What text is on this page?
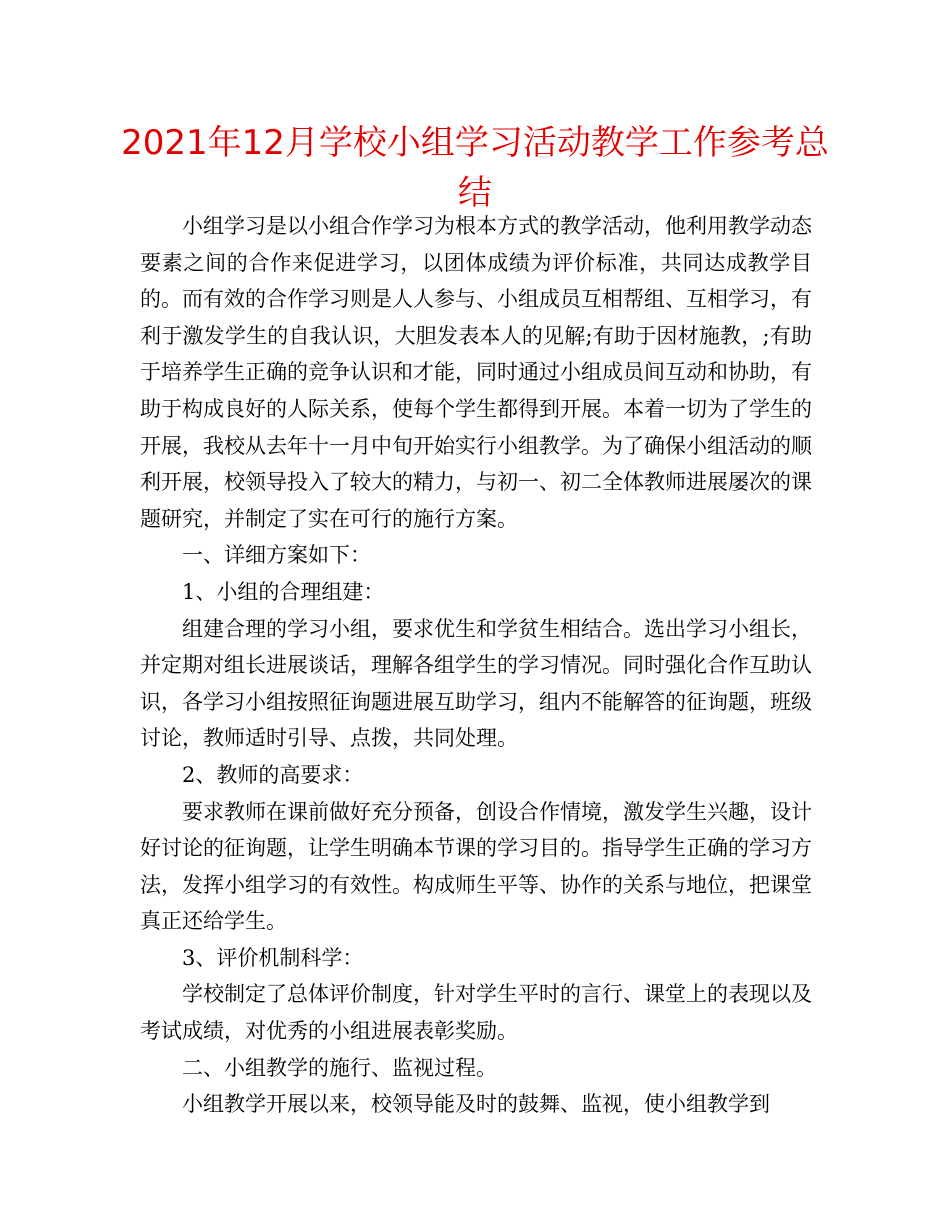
2021年12月学校小组学习活动教学工作参考总结

小组学习是以小组合作学习为根本方式的教学活动，他利用教学动态要素之间的合作来促进学习，以团体成绩为评价标准，共同达成教学目的。而有效的合作学习则是人人参与、小组成员互相帮组、互相学习，有利于激发学生的自我认识，大胆发表本人的见解;有助于因材施教，;有助于培养学生正确的竞争认识和才能，同时通过小组成员间互动和协助，有助于构成良好的人际关系，使每个学生都得到开展。本着一切为了学生的开展，我校从去年十一月中旬开始实行小组教学。为了确保小组活动的顺利开展，校领导投入了较大的精力，与初一、初二全体教师进展屡次的课题研究，并制定了实在可行的施行方案。

一、详细方案如下：

1、小组的合理组建：

组建合理的学习小组，要求优生和学贫生相结合。选出学习小组长，并定期对组长进展谈话，理解各组学生的学习情况。同时强化合作互助认识，各学习小组按照征询题进展互助学习，组内不能解答的征询题，班级讨论，教师适时引导、点拨，共同处理。

2、教师的高要求：

要求教师在课前做好充分预备，创设合作情境，激发学生兴趣，设计好讨论的征询题，让学生明确本节课的学习目的。指导学生正确的学习方法，发挥小组学习的有效性。构成师生平等、协作的关系与地位，把课堂真正还给学生。

3、评价机制科学：

学校制定了总体评价制度，针对学生平时的言行、课堂上的表现以及考试成绩，对优秀的小组进展表彰奖励。

二、小组教学的施行、监视过程。

小组教学开展以来，校领导能及时的鼓舞、监视，使小组教学到
